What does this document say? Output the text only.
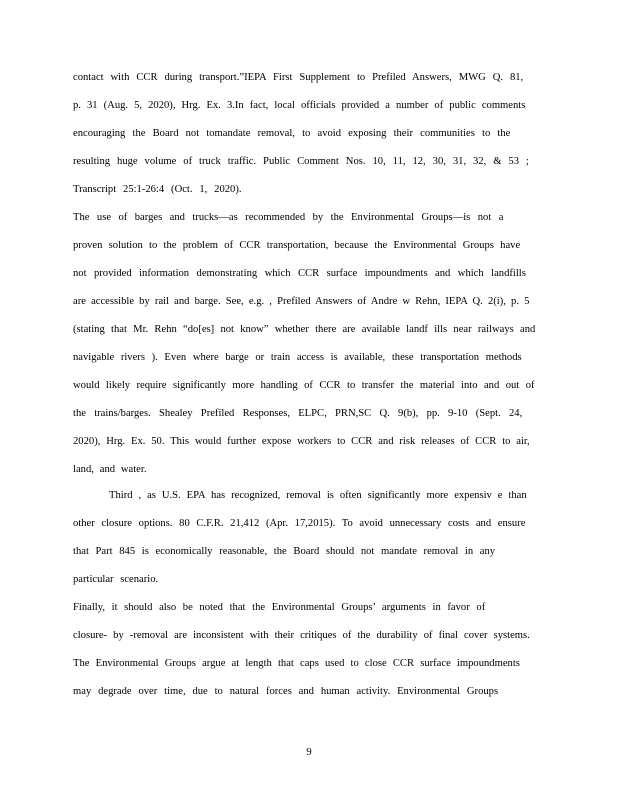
contact with CCR during transport.”IEPA First Supplement to Prefiled Answers, MWG Q. 81,
p. 31 (Aug. 5, 2020), Hrg. Ex. 3.In fact, local officials provided a number of public comments
encouraging the Board not tomandate removal, to avoid exposing their communities to the
resulting huge volume of truck traffic. Public Comment Nos. 10, 11, 12, 30, 31, 32, & 53 ;
Transcript 25:1-26:4 (Oct. 1, 2020).
The use of barges and trucks—as recommended by the Environmental Groups—is not a
proven solution to the problem of CCR transportation, because the Environmental Groups have
not provided information demonstrating which CCR surface impoundments and which landfills
are accessible by rail and barge. See, e.g. , Prefiled Answers of Andre w Rehn, IEPA Q. 2(i), p. 5
(stating that Mr. Rehn “do[es] not know” whether there are available landf ills near railways and
navigable rivers ). Even where barge or train access is available, these transportation methods
would likely require significantly more handling of CCR to transfer the material into and out of
the trains/barges. Shealey Prefiled Responses, ELPC, PRN,SC Q. 9(b), pp. 9-10 (Sept. 24,
2020), Hrg. Ex. 50. This would further expose workers to CCR and risk releases of CCR to air,
land, and water.
Third , as U.S. EPA has recognized, removal is often significantly more expensiv e than
other closure options. 80 C.F.R. 21,412 (Apr. 17,2015). To avoid unnecessary costs and ensure
that Part 845 is economically reasonable, the Board should not mandate removal in any
particular scenario.
Finally, it should also be noted that the Environmental Groups’ arguments in favor of
closure- by -removal are inconsistent with their critiques of the durability of final cover systems.
The Environmental Groups argue at length that caps used to close CCR surface impoundments
may degrade over time, due to natural forces and human activity. Environmental Groups
9
